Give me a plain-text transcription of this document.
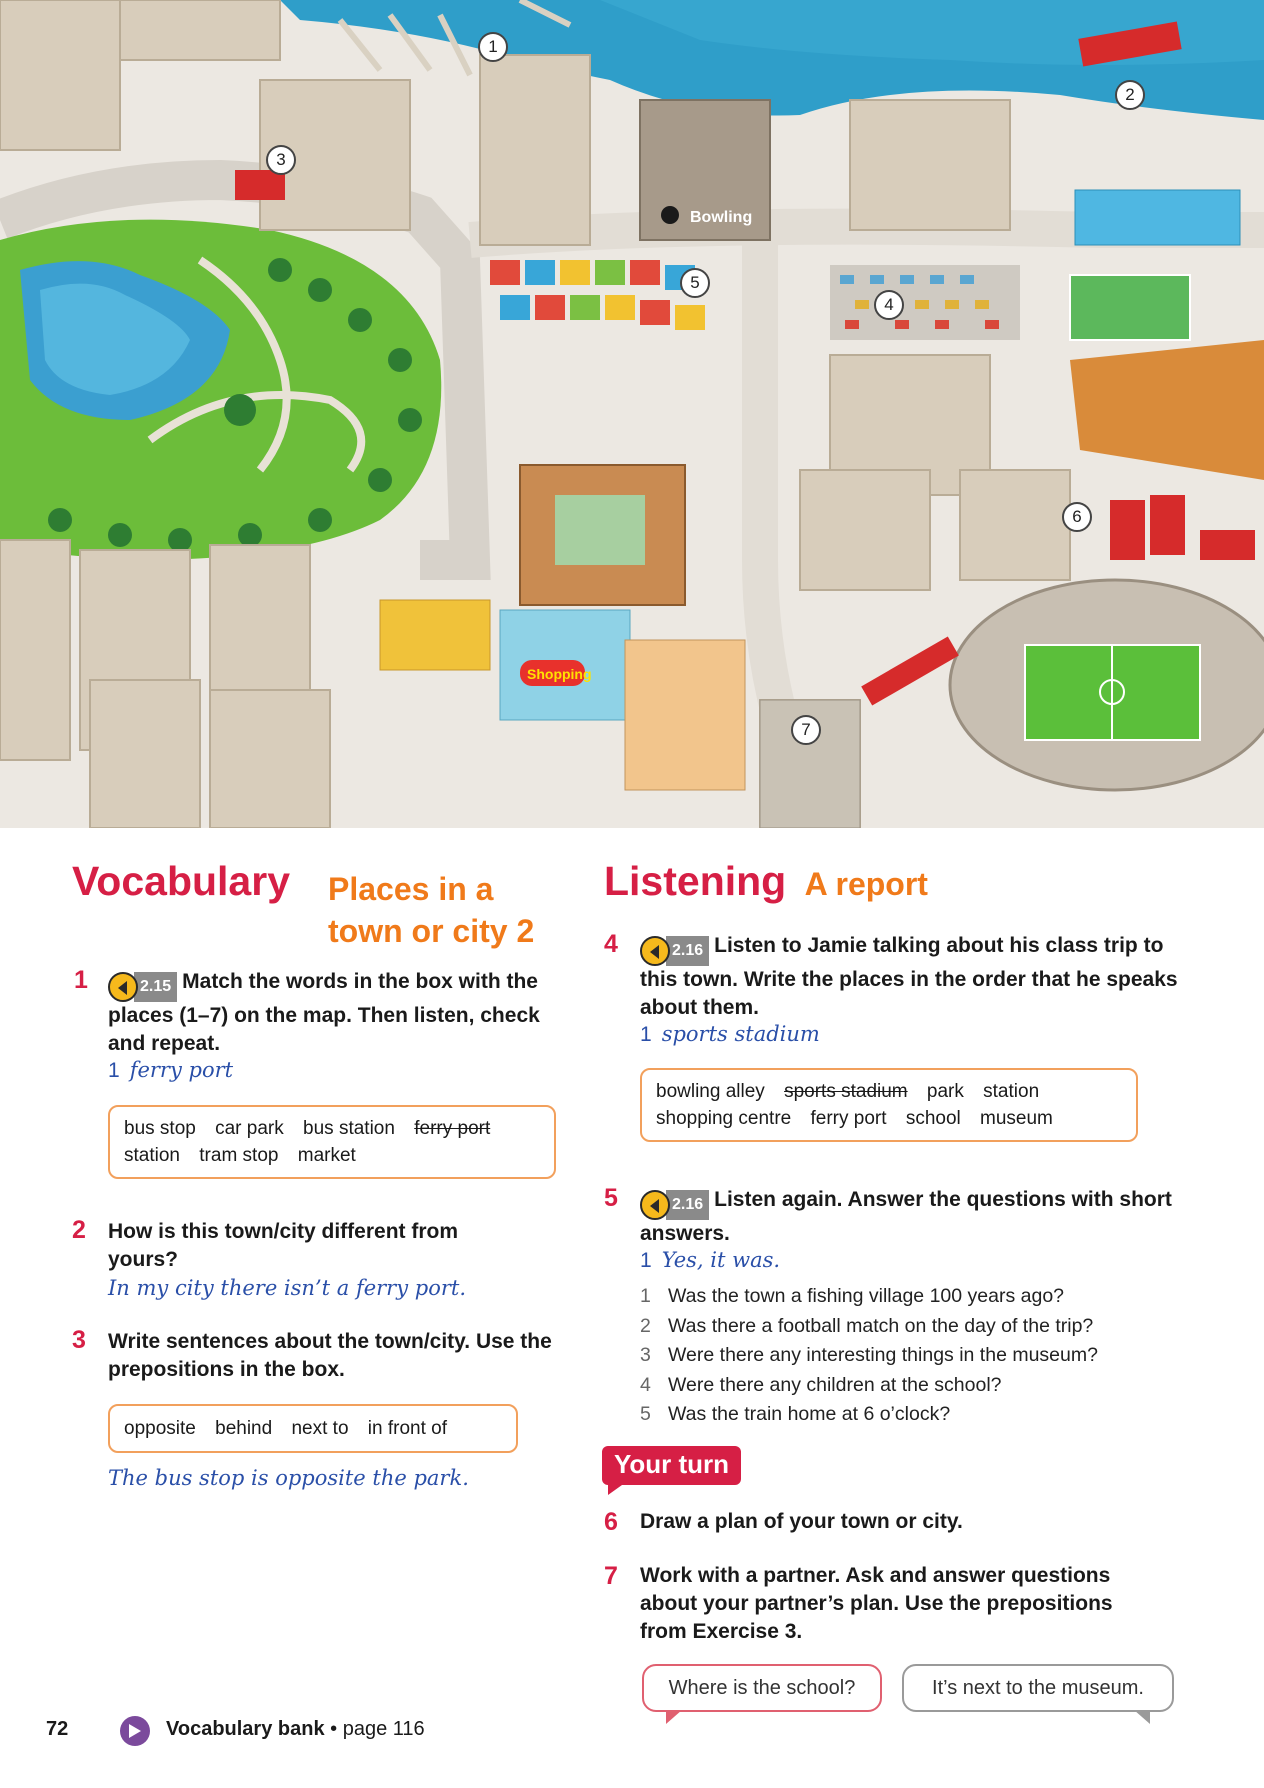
Bowling
Shopping
1
2
3
4
5
6
7
Vocabulary Places in a
town or city 2
1	2.15 Match the words in the box with the places (1–7) on the map. Then listen, check and repeat.
1 ferry port
bus stop car park bus station ferry port
station tram stop market
2 How is this town/city different from yours?
In my city there isn’t a ferry port.
3 Write sentences about the town/city. Use the prepositions in the box.
opposite behind next to in front of
The bus stop is opposite the park.
Listening A report
4	2.16 Listen to Jamie talking about his class trip to this town. Write the places in the order that he speaks about them.
1 sports stadium
bowling alley sports stadium park station
shopping centre ferry port school museum
5	2.16 Listen again. Answer the questions with short answers.
1 Yes, it was.
1 Was the town a fishing village 100 years ago?
2 Was there a football match on the day of the trip?
3 Were there any interesting things in the museum?
4 Were there any children at the school?
5 Was the train home at 6 o’clock?
Your turn
6 Draw a plan of your town or city.
7 Work with a partner. Ask and answer questions about your partner’s plan. Use the prepositions from Exercise 3.
Where is the school?	It’s next to the museum.
72	Vocabulary bank • page 116
